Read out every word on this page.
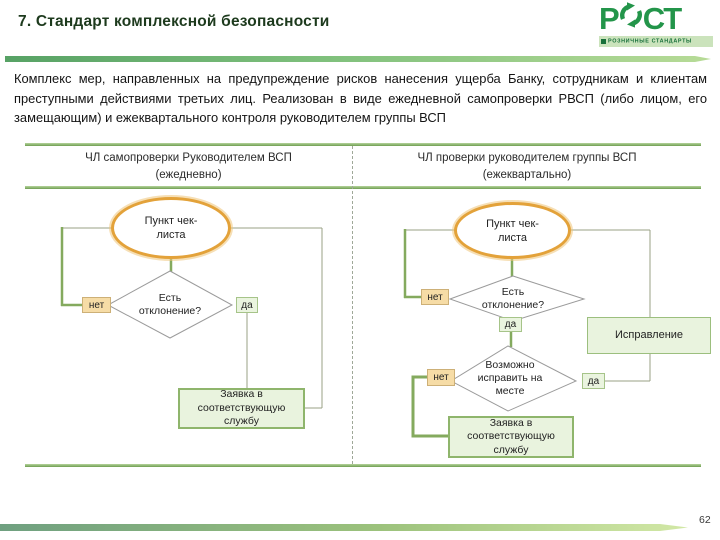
7. Стандарт комплексной безопасности	Р СТ
РОЗНИЧНЫЕ СТАНДАРТЫ
Комплекс мер, направленных на предупреждение рисков нанесения ущерба Банку, сотрудникам и клиентам преступными действиями третьих лиц. Реализован в виде ежедневной самопроверки РВСП (либо лицом, его замещающим) и ежеквартального контроля руководителем группы ВСП
ЧЛ самопроверки Руководителем ВСП
(ежедневно)
ЧЛ проверки руководителем группы ВСП
(ежеквартально)
Пункт чек-листа
Есть отклонение?
нет	да
Заявка в соответствующую службу
Пункт чек-листа
Есть отклонение?
нет
да
Возможно исправить на месте
нет	да
Исправление
Заявка в соответствующую службу
62
